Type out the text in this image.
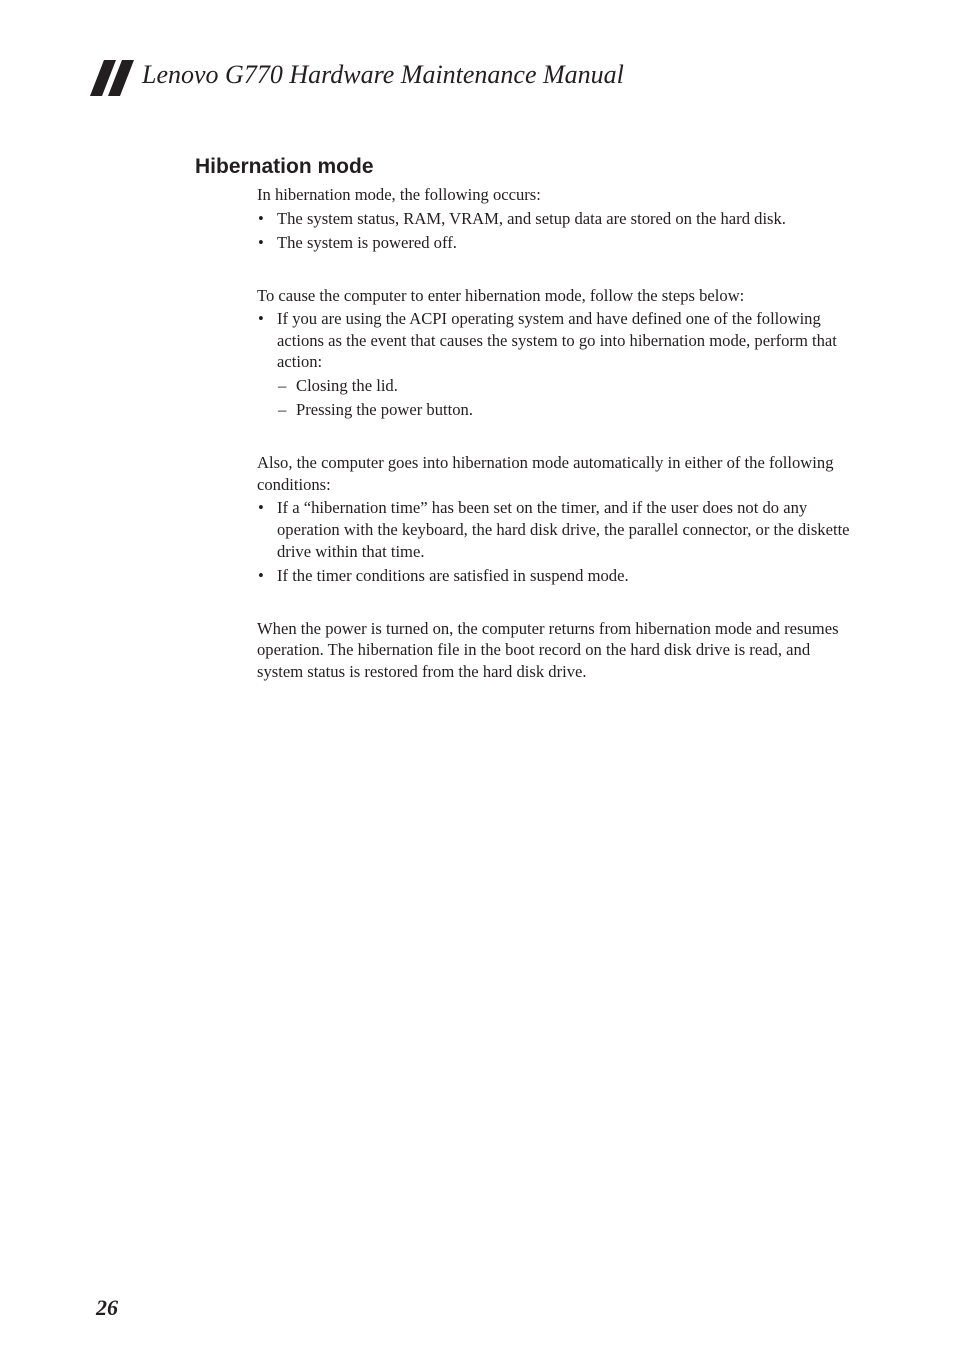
Lenovo G770 Hardware Maintenance Manual
Hibernation mode

In hibernation mode, the following occurs:

• The system status, RAM, VRAM, and setup data are stored on the hard disk.
• The system is powered off.

To cause the computer to enter hibernation mode, follow the steps below:

• If you are using the ACPI operating system and have defined one of the following actions as the event that causes the system to go into hibernation mode, perform that action:
– Closing the lid.
– Pressing the power button.

Also, the computer goes into hibernation mode automatically in either of the following conditions:

• If a “hibernation time” has been set on the timer, and if the user does not do any operation with the keyboard, the hard disk drive, the parallel connector, or the diskette drive within that time.
• If the timer conditions are satisfied in suspend mode.

When the power is turned on, the computer returns from hibernation mode and resumes operation. The hibernation file in the boot record on the hard disk drive is read, and system status is restored from the hard disk drive.

26
